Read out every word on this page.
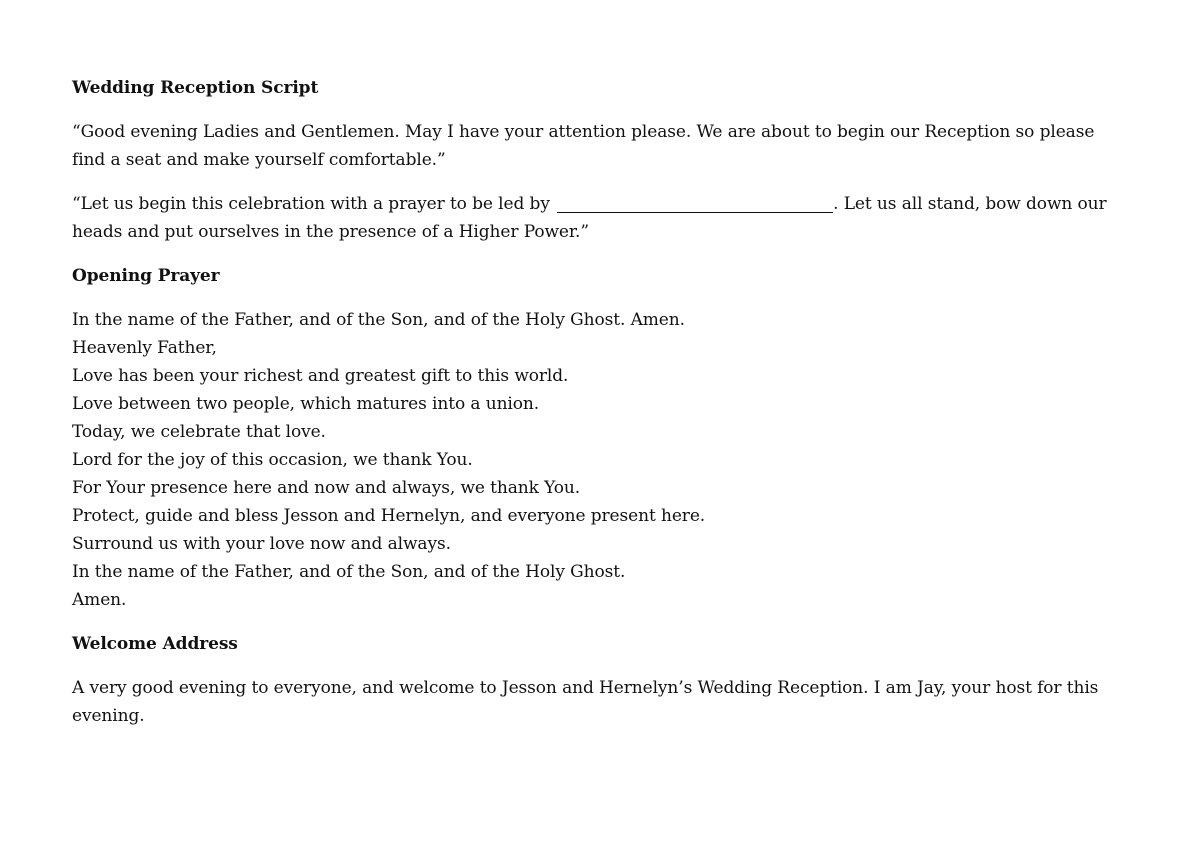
Wedding Reception Script
“Good evening Ladies and Gentlemen. May I have your attention please. We are about to begin our Reception so please find a seat and make yourself comfortable.”
“Let us begin this celebration with a prayer to be led by	. Let us all stand, bow down our heads and put ourselves in the presence of a Higher Power.”
Opening Prayer
In the name of the Father, and of the Son, and of the Holy Ghost. Amen.
Heavenly Father,
Love has been your richest and greatest gift to this world.
Love between two people, which matures into a union.
Today, we celebrate that love.
Lord for the joy of this occasion, we thank You.
For Your presence here and now and always, we thank You.
Protect, guide and bless Jesson and Hernelyn, and everyone present here.
Surround us with your love now and always.
In the name of the Father, and of the Son, and of the Holy Ghost.
Amen.
Welcome Address
A very good evening to everyone, and welcome to Jesson and Hernelyn’s Wedding Reception. I am Jay, your host for this evening.
